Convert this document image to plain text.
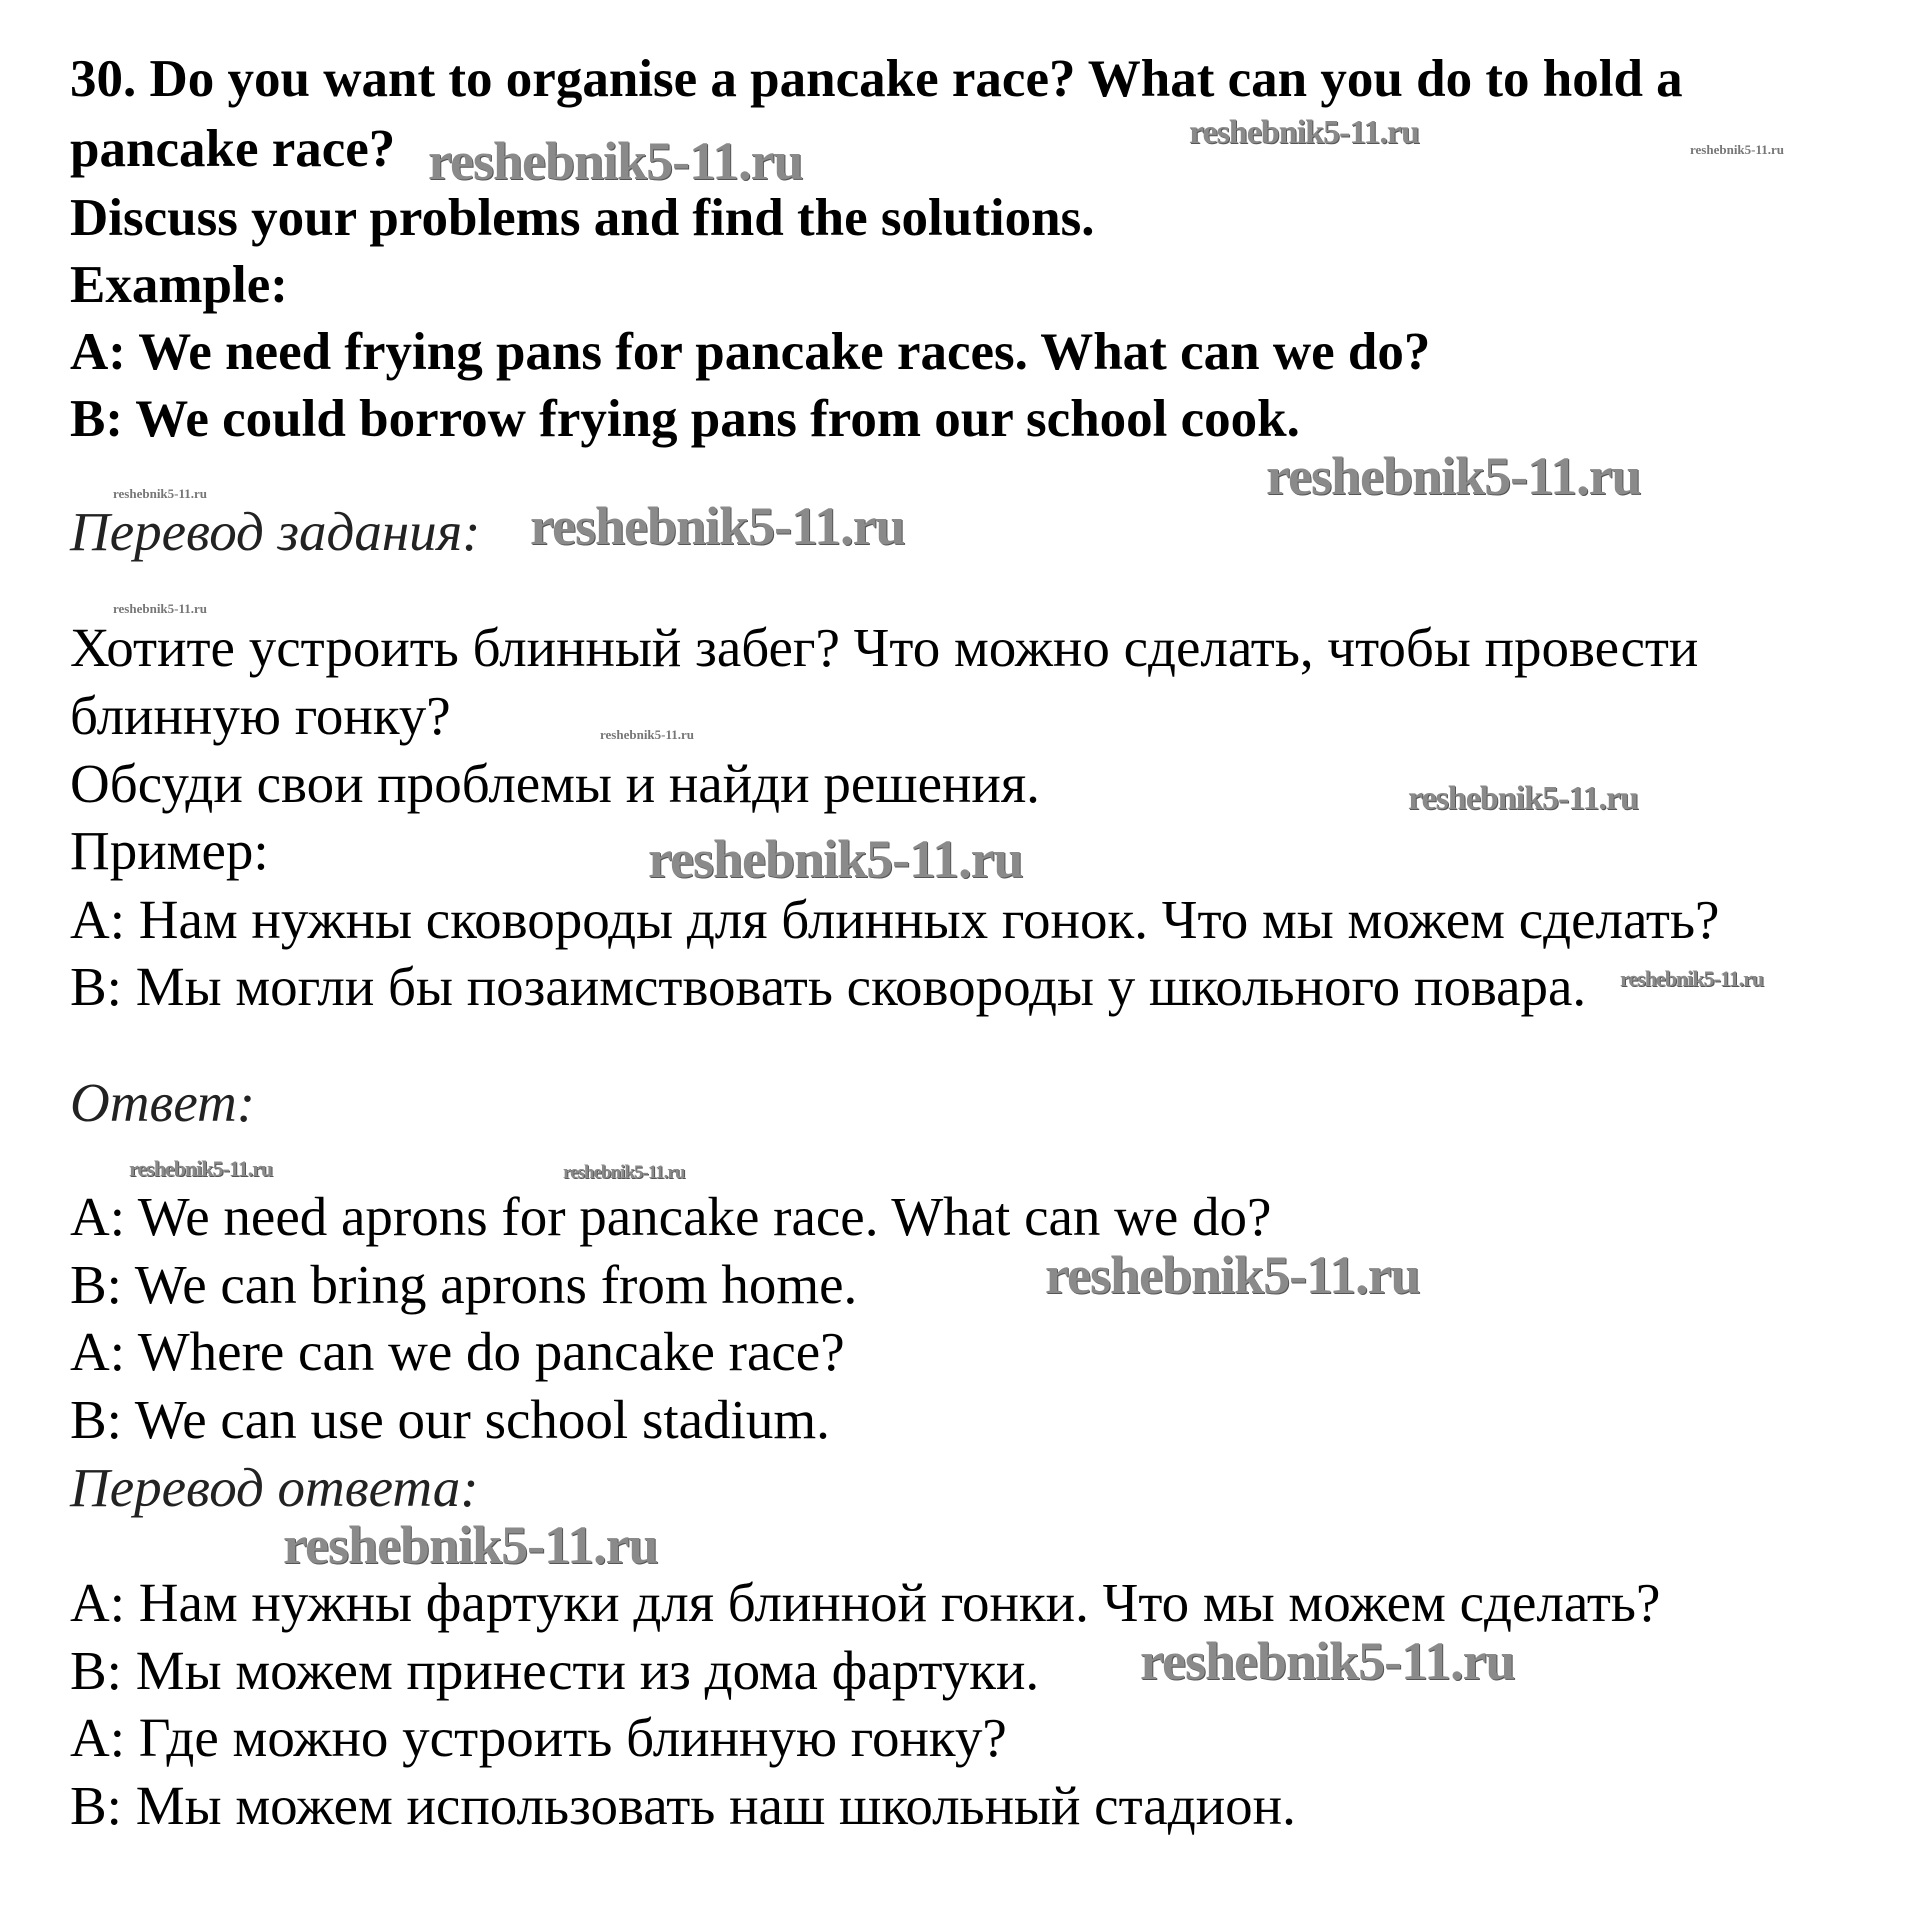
30. Do you want to organise a pancake race? What can you do to hold a
pancake race?
Discuss your problems and find the solutions.
Example:
A: We need frying pans for pancake races. What can we do?
B: We could borrow frying pans from our school cook.
Перевод задания:
Хотите устроить блинный забег? Что можно сделать, чтобы провести
блинную гонку?
Обсуди свои проблемы и найди решения.
Пример:
А: Нам нужны сковороды для блинных гонок. Что мы можем сделать?
В: Мы могли бы позаимствовать сковороды у школьного повара.
Ответ:
A: We need aprons for pancake race. What can we do?
B: We can bring aprons from home.
A: Where can we do pancake race?
B: We can use our school stadium.
Перевод ответа:
А: Нам нужны фартуки для блинной гонки. Что мы можем сделать?
В: Мы можем принести из дома фартуки.
А: Где можно устроить блинную гонку?
В: Мы можем использовать наш школьный стадион.
reshebnik5-11.ru	reshebnik5-11.ru	reshebnik5-11.ru
reshebnik5-11.ru
reshebnik5-11.ru
reshebnik5-11.ru
reshebnik5-11.ru
reshebnik5-11.ru
reshebnik5-11.ru
reshebnik5-11.ru
reshebnik5-11.ru
reshebnik5-11.ru	reshebnik5-11.ru
reshebnik5-11.ru
reshebnik5-11.ru
reshebnik5-11.ru
